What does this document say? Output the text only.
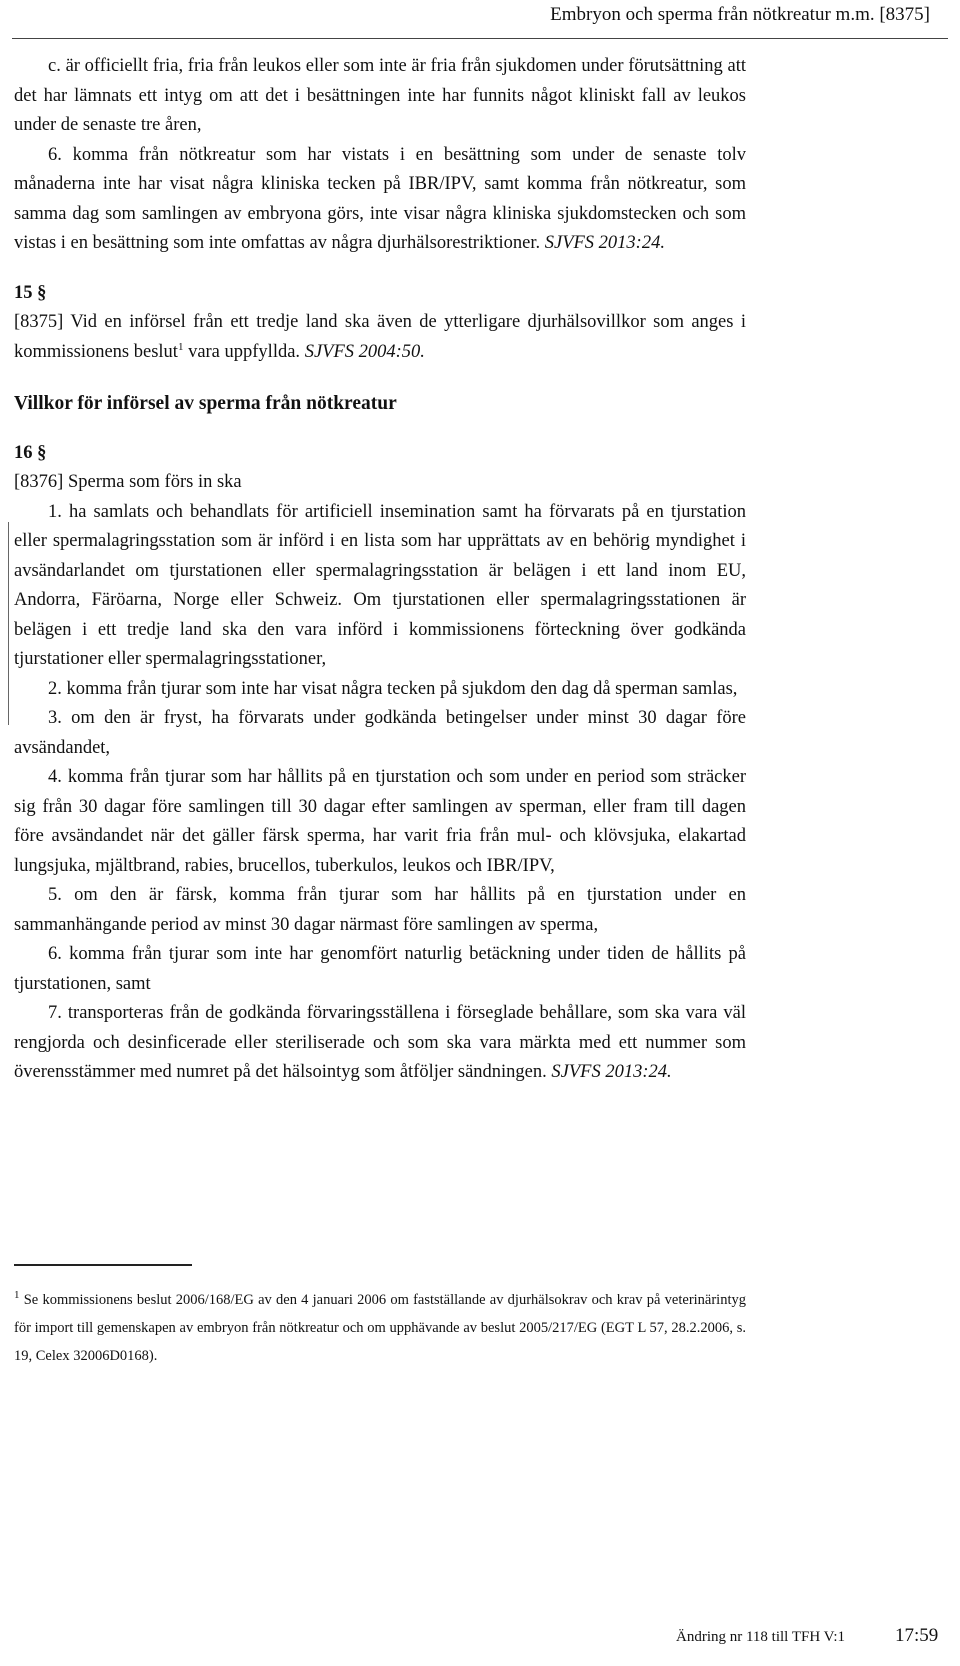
Embryon och sperma från nötkreatur m.m. [8375]

c. är officiellt fria, fria från leukos eller som inte är fria från sjukdomen under förutsättning att det har lämnats ett intyg om att det i besättningen inte har funnits något kliniskt fall av leukos under de senaste tre åren,

6. komma från nötkreatur som har vistats i en besättning som under de senaste tolv månaderna inte har visat några kliniska tecken på IBR/IPV, samt komma från nötkreatur, som samma dag som samlingen av embryona görs, inte visar några kliniska sjukdomstecken och som vistas i en besättning som inte omfattas av några djurhälsorestriktioner. SJVFS 2013:24.

15 §

[8375] Vid en införsel från ett tredje land ska även de ytterligare djurhälsovillkor som anges i kommissionens beslut$^1$ vara uppfyllda. SJVFS 2004:50.

Villkor för införsel av sperma från nötkreatur

16 §

[8376] Sperma som förs in ska

1. ha samlats och behandlats för artificiell insemination samt ha förvarats på en tjurstation eller spermalagringsstation som är införd i en lista som har upprättats av en behörig myndighet i avsändarlandet om tjurstationen eller spermalagringsstation är belägen i ett land inom EU, Andorra, Färöarna, Norge eller Schweiz. Om tjurstationen eller spermalagringsstationen är belägen i ett tredje land ska den vara införd i kommissionens förteckning över godkända tjurstationer eller spermalagringsstationer,

2. komma från tjurar som inte har visat några tecken på sjukdom den dag då sperman samlas,

3. om den är fryst, ha förvarats under godkända betingelser under minst 30 dagar före avsändandet,

4. komma från tjurar som har hållits på en tjurstation och som under en period som sträcker sig från 30 dagar före samlingen till 30 dagar efter samlingen av sperman, eller fram till dagen före avsändandet när det gäller färsk sperma, har varit fria från mul- och klövsjuka, elakartad lungsjuka, mjältbrand, rabies, brucellos, tuberkulos, leukos och IBR/IPV,

5. om den är färsk, komma från tjurar som har hållits på en tjurstation under en sammanhängande period av minst 30 dagar närmast före samlingen av sperma,

6. komma från tjurar som inte har genomfört naturlig betäckning under tiden de hållits på tjurstationen, samt

7. transporteras från de godkända förvaringsställena i förseglade behållare, som ska vara väl rengjorda och desinficerade eller steriliserade och som ska vara märkta med ett nummer som överensstämmer med numret på det hälsointyg som åtföljer sändningen. SJVFS 2013:24.

$^1$ Se kommissionens beslut 2006/168/EG av den 4 januari 2006 om fastställande av djurhälsokrav och krav på veterinärintyg för import till gemenskapen av embryon från nötkreatur och om upphävande av beslut 2005/217/EG (EGT L 57, 28.2.2006, s. 19, Celex 32006D0168).
Ändring nr 118 till TFH V:1	17:59
